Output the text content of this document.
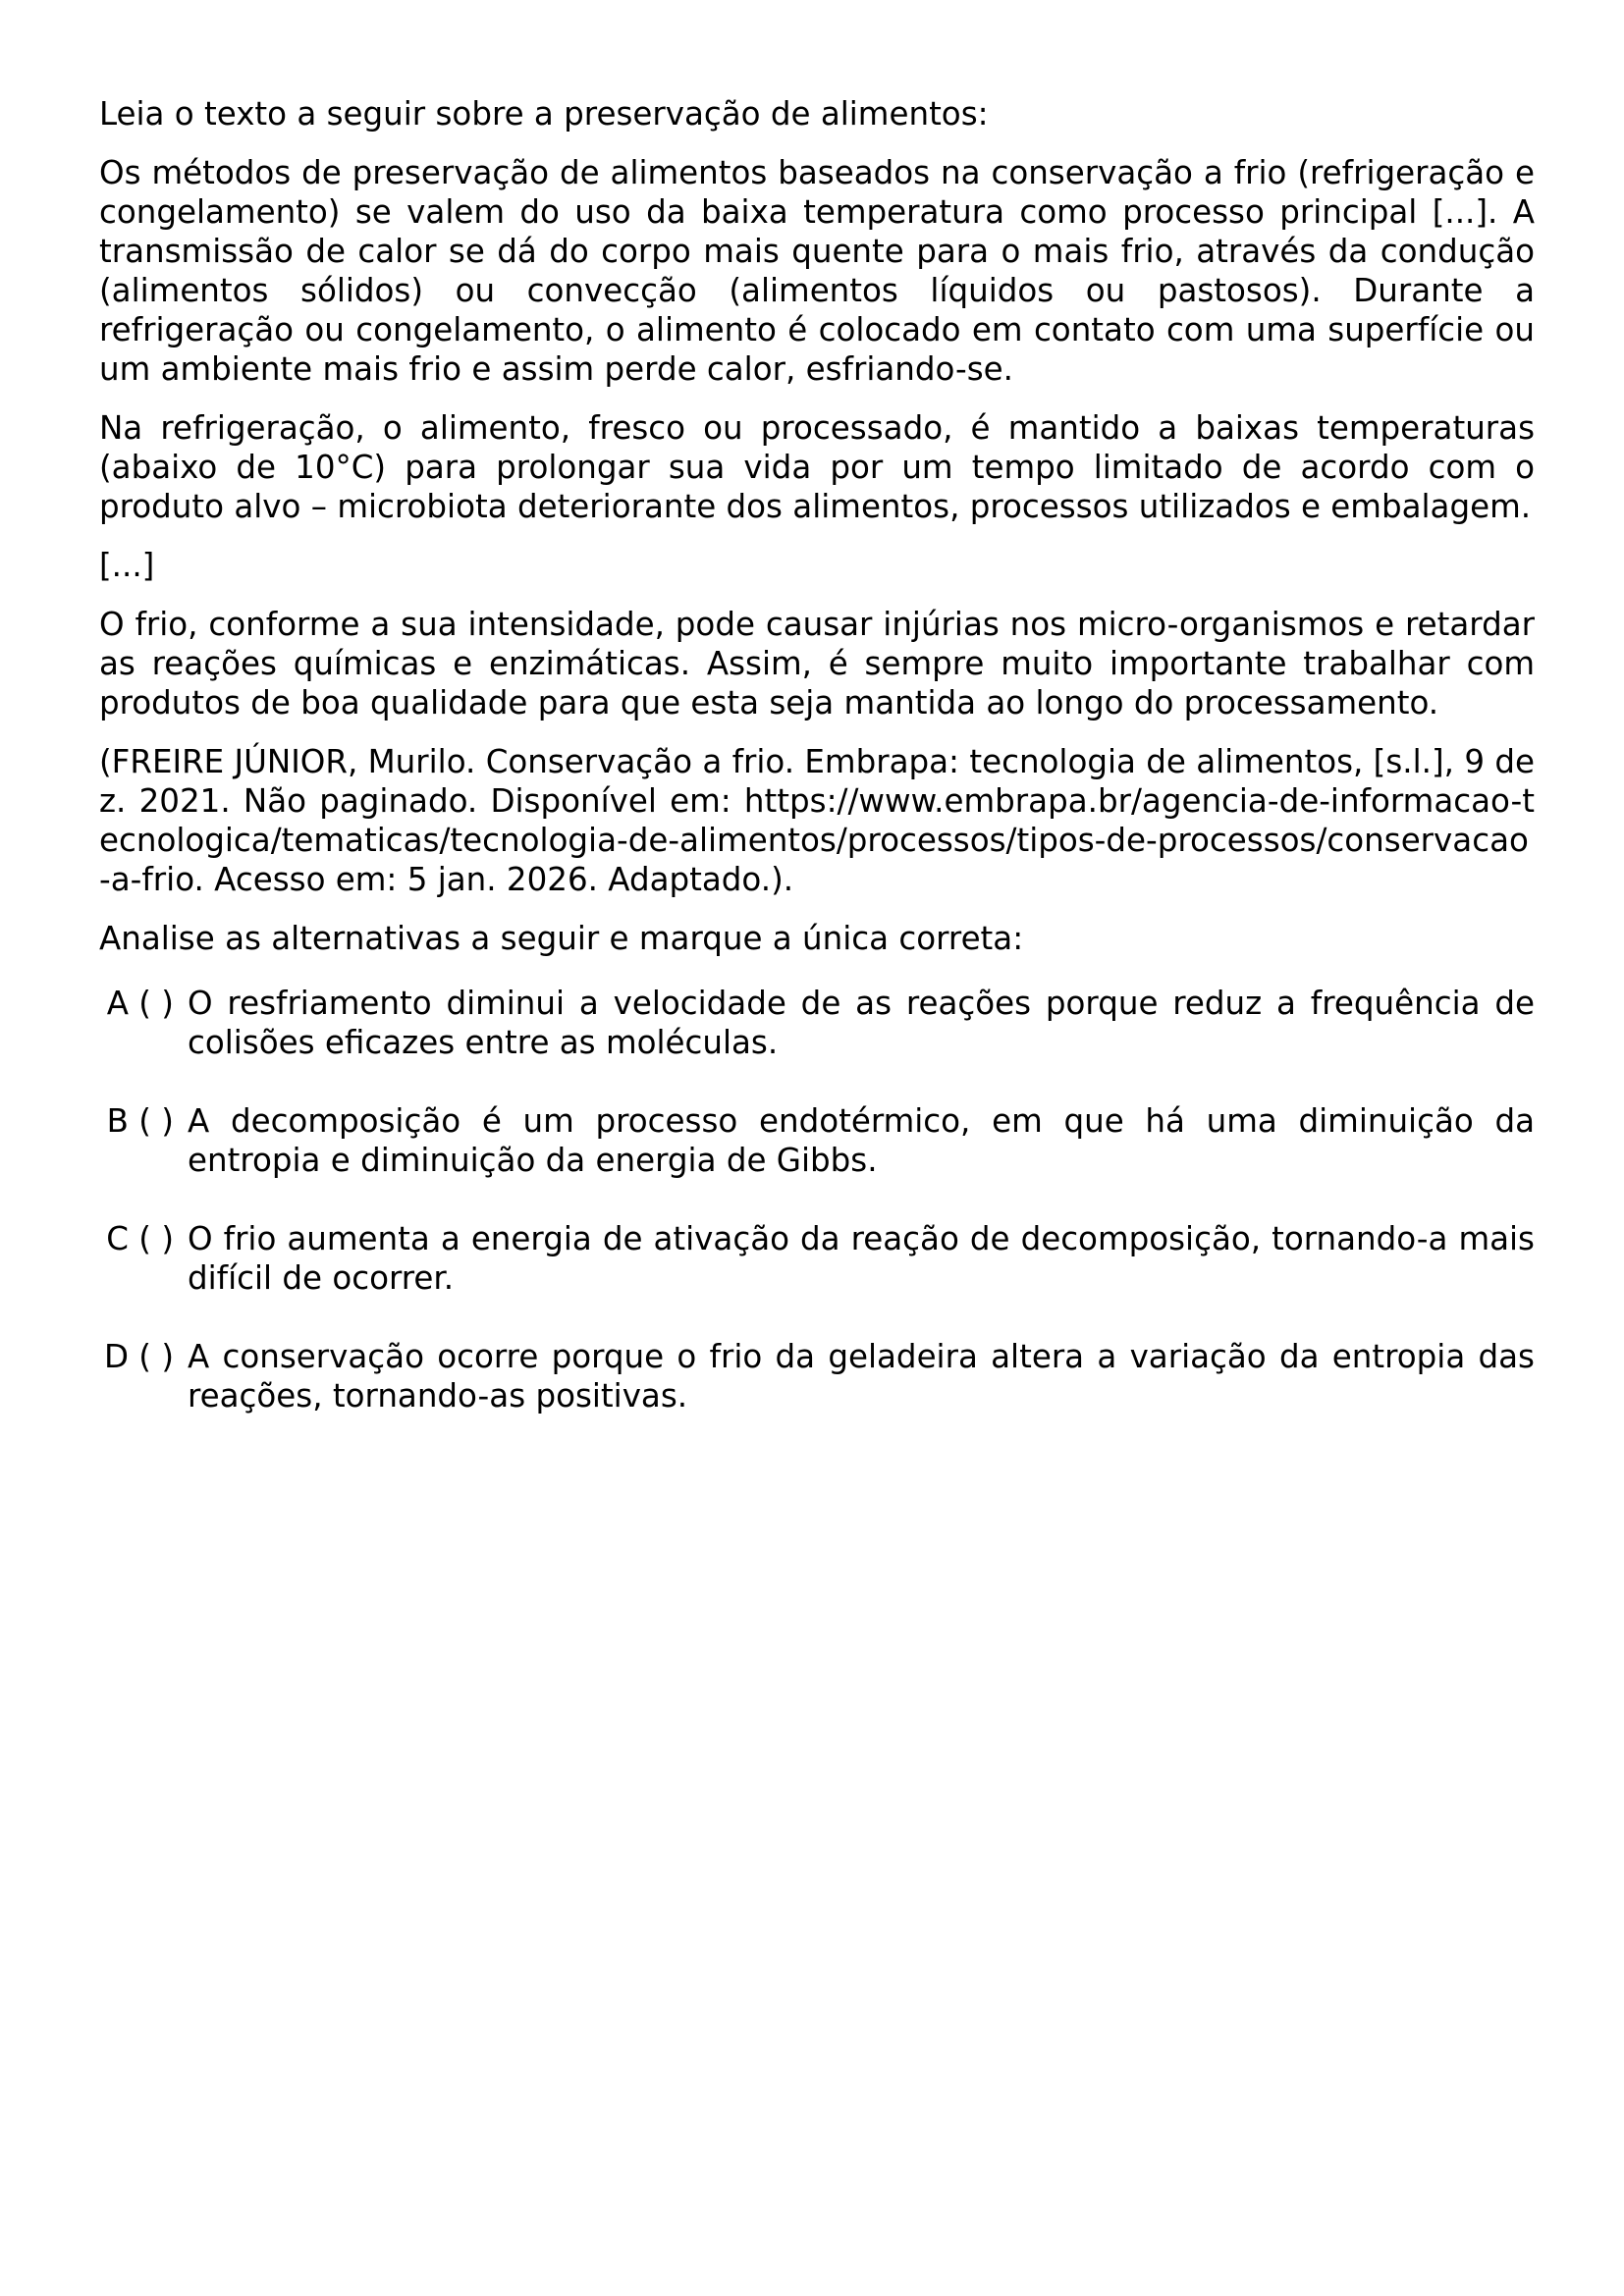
Leia o texto a seguir sobre a preservação de alimentos:

Os métodos de preservação de alimentos baseados na conservação a frio (refrigeração e congelamento) se valem do uso da baixa temperatura como processo principal [...]. A transmissão de calor se dá do corpo mais quente para o mais frio, através da condução (alimentos sólidos) ou convecção (alimentos líquidos ou pastosos). Durante a refrigeração ou congelamento, o alimento é colocado em contato com uma superfície ou um ambiente mais frio e assim perde calor, esfriando-se.

Na refrigeração, o alimento, fresco ou processado, é mantido a baixas temperaturas (abaixo de 10°C) para prolongar sua vida por um tempo limitado de acordo com o produto alvo – microbiota deteriorante dos alimentos, processos utilizados e embalagem.

[...]

O frio, conforme a sua intensidade, pode causar injúrias nos micro-organismos e retardar as reações químicas e enzimáticas. Assim, é sempre muito importante trabalhar com produtos de boa qualidade para que esta seja mantida ao longo do processamento.

(FREIRE JÚNIOR, Murilo. Conservação a frio. Embrapa: tecnologia de alimentos, [s.l.], 9 dez. 2021. Não paginado. Disponível em: https://www.embrapa.br/agencia-de-informacao-tecnologica/tematicas/tecnologia-de-alimentos/processos/tipos-de-processos/conservacao-a-frio. Acesso em: 5 jan. 2026. Adaptado.).

Analise as alternativas a seguir e marque a única correta:

A ( ) O resfriamento diminui a velocidade de as reações porque reduz a frequência de colisões eficazes entre as moléculas.
B ( ) A decomposição é um processo endotérmico, em que há uma diminuição da entropia e diminuição da energia de Gibbs.
C ( ) O frio aumenta a energia de ativação da reação de decomposição, tornando-a mais difícil de ocorrer.
D ( ) A conservação ocorre porque o frio da geladeira altera a variação da entropia das reações, tornando-as positivas.
